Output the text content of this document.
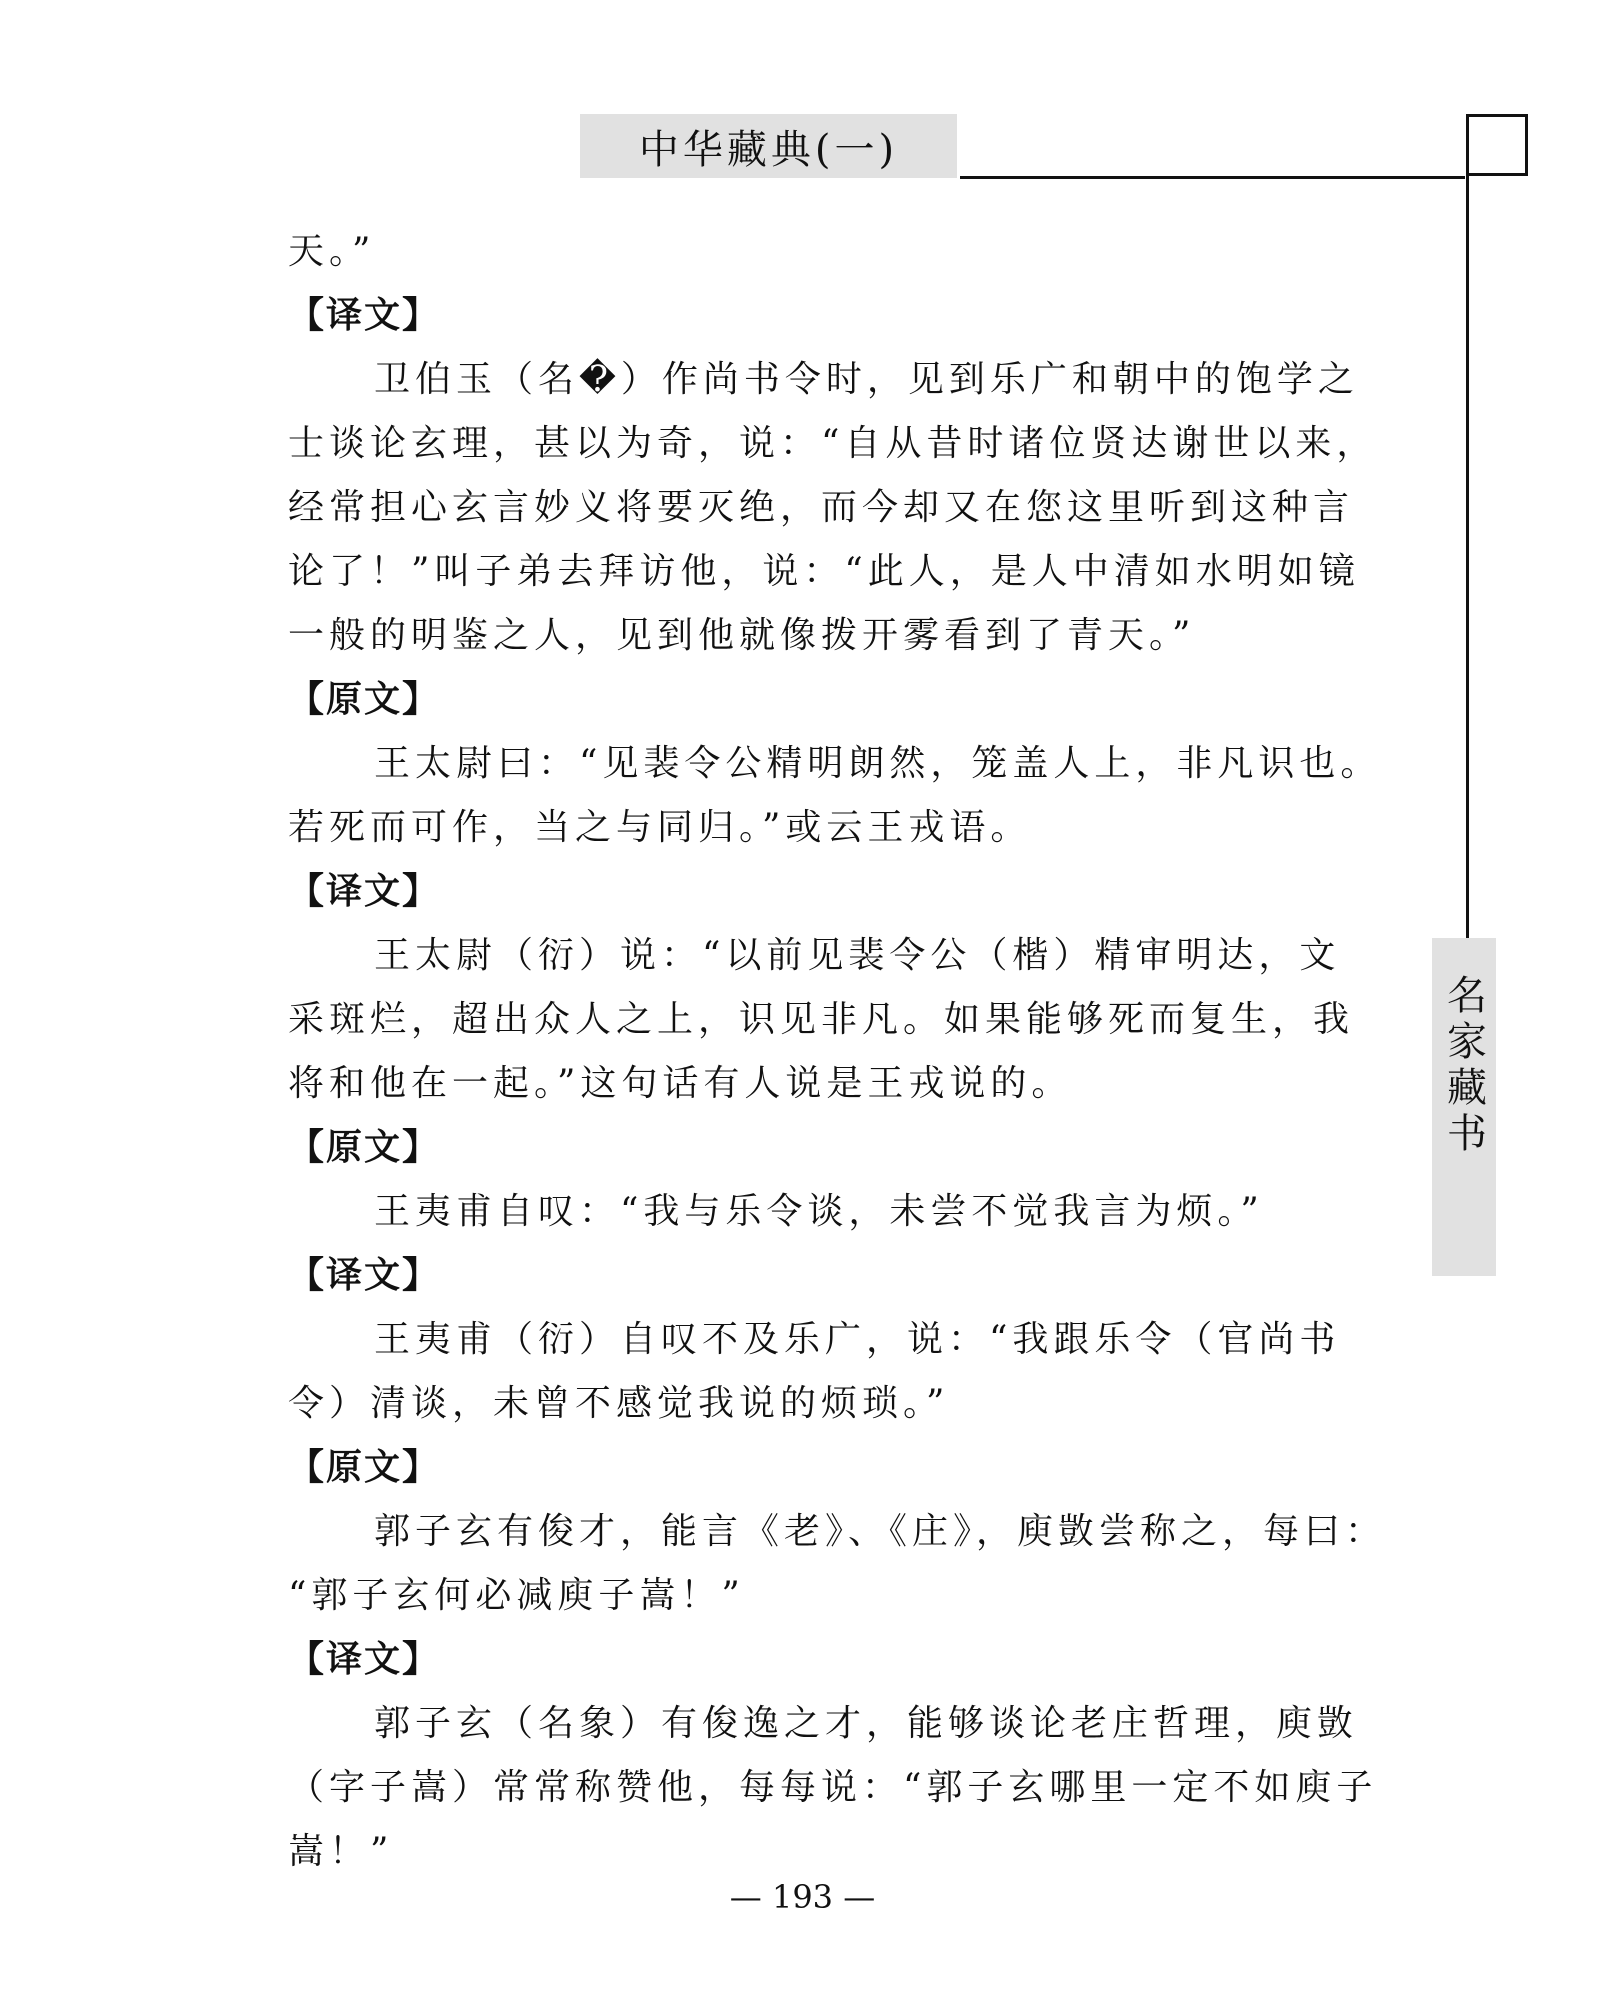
中华藏典(一)
名家藏书
天。”
【译文】
卫伯玉（名�）作尚书令时，见到乐广和朝中的饱学之
士谈论玄理，甚以为奇，说：“自从昔时诸位贤达谢世以来，
经常担心玄言妙义将要灭绝，而今却又在您这里听到这种言
论了！”叫子弟去拜访他，说：“此人，是人中清如水明如镜
一般的明鉴之人，见到他就像拨开雾看到了青天。”
【原文】
王太尉曰：“见裴令公精明朗然，笼盖人上，非凡识也。
若死而可作，当之与同归。”或云王戎语。
【译文】
王太尉（衍）说：“以前见裴令公（楷）精审明达，文
采斑烂，超出众人之上，识见非凡。如果能够死而复生，我
将和他在一起。”这句话有人说是王戎说的。
【原文】
王夷甫自叹：“我与乐令谈，未尝不觉我言为烦。”
【译文】
王夷甫（衍）自叹不及乐广，说：“我跟乐令（官尚书
令）清谈，未曾不感觉我说的烦琐。”
【原文】
郭子玄有俊才，能言《老》、《庄》，庾敳尝称之，每曰：
“郭子玄何必减庾子嵩！”
【译文】
郭子玄（名象）有俊逸之才，能够谈论老庄哲理，庾敳
（字子嵩）常常称赞他，每每说：“郭子玄哪里一定不如庾子
嵩！”
— 193 —
